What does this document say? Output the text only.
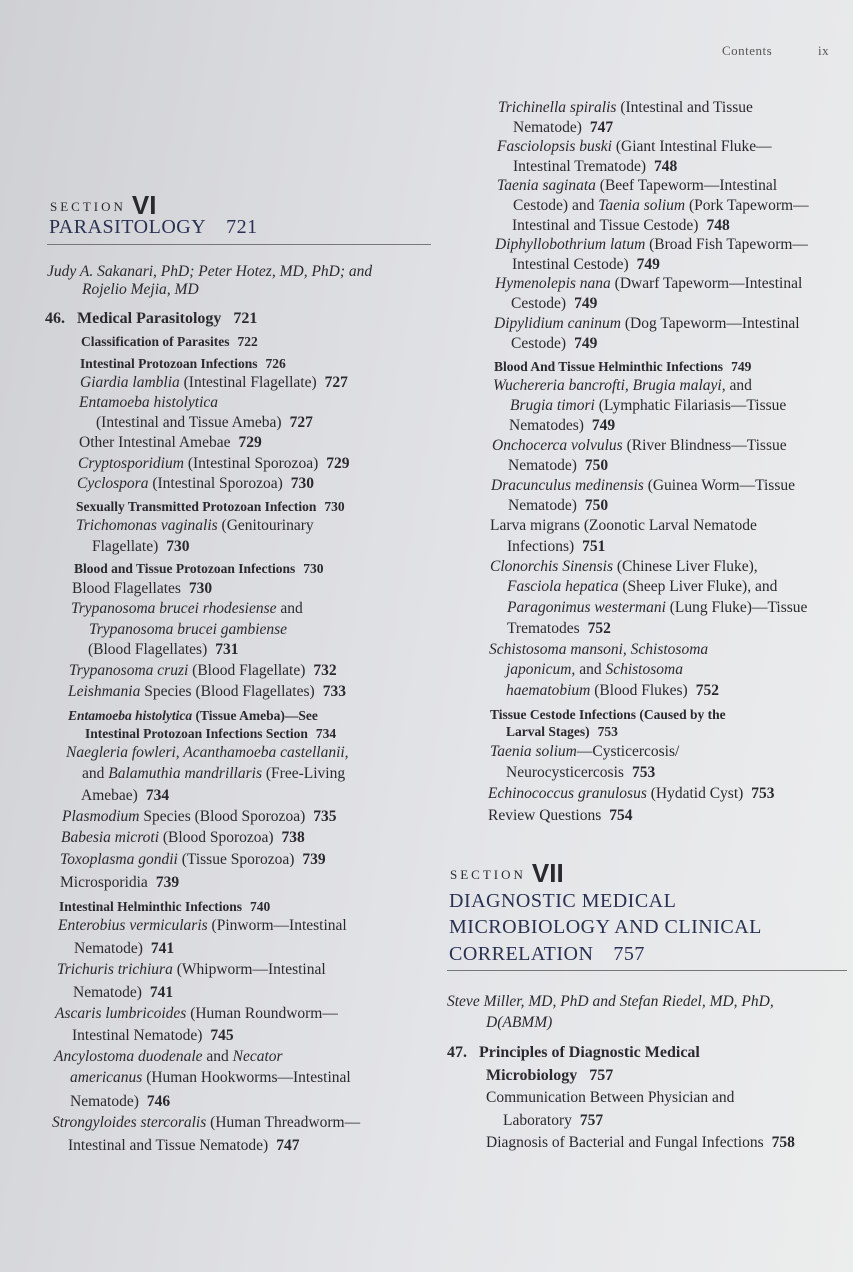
Contents	ix
SECTION VI
PARASITOLOGY 721
Judy A. Sakanari, PhD; Peter Hotez, MD, PhD; and
Rojelio Mejia, MD
46. Medical Parasitology 721
Classification of Parasites 722
Intestinal Protozoan Infections 726
Giardia lamblia (Intestinal Flagellate) 727
Entamoeba histolytica
(Intestinal and Tissue Ameba) 727
Other Intestinal Amebae 729
Cryptosporidium (Intestinal Sporozoa) 729
Cyclospora (Intestinal Sporozoa) 730
Sexually Transmitted Protozoan Infection 730
Trichomonas vaginalis (Genitourinary
Flagellate) 730
Blood and Tissue Protozoan Infections 730
Blood Flagellates 730
Trypanosoma brucei rhodesiense and
Trypanosoma brucei gambiense
(Blood Flagellates) 731
Trypanosoma cruzi (Blood Flagellate) 732
Leishmania Species (Blood Flagellates) 733
Entamoeba histolytica (Tissue Ameba)—See
Intestinal Protozoan Infections Section 734
Naegleria fowleri, Acanthamoeba castellanii,
and Balamuthia mandrillaris (Free-Living
Amebae) 734
Plasmodium Species (Blood Sporozoa) 735
Babesia microti (Blood Sporozoa) 738
Toxoplasma gondii (Tissue Sporozoa) 739
Microsporidia 739
Intestinal Helminthic Infections 740
Enterobius vermicularis (Pinworm—Intestinal
Nematode) 741
Trichuris trichiura (Whipworm—Intestinal
Nematode) 741
Ascaris lumbricoides (Human Roundworm—
Intestinal Nematode) 745
Ancylostoma duodenale and Necator
americanus (Human Hookworms—Intestinal
Nematode) 746
Strongyloides stercoralis (Human Threadworm—
Intestinal and Tissue Nematode) 747
Trichinella spiralis (Intestinal and Tissue
Nematode) 747
Fasciolopsis buski (Giant Intestinal Fluke—
Intestinal Trematode) 748
Taenia saginata (Beef Tapeworm—Intestinal
Cestode) and Taenia solium (Pork Tapeworm—
Intestinal and Tissue Cestode) 748
Diphyllobothrium latum (Broad Fish Tapeworm—
Intestinal Cestode) 749
Hymenolepis nana (Dwarf Tapeworm—Intestinal
Cestode) 749
Dipylidium caninum (Dog Tapeworm—Intestinal
Cestode) 749
Blood And Tissue Helminthic Infections 749
Wuchereria bancrofti, Brugia malayi, and
Brugia timori (Lymphatic Filariasis—Tissue
Nematodes) 749
Onchocerca volvulus (River Blindness—Tissue
Nematode) 750
Dracunculus medinensis (Guinea Worm—Tissue
Nematode) 750
Larva migrans (Zoonotic Larval Nematode
Infections) 751
Clonorchis Sinensis (Chinese Liver Fluke),
Fasciola hepatica (Sheep Liver Fluke), and
Paragonimus westermani (Lung Fluke)—Tissue
Trematodes 752
Schistosoma mansoni, Schistosoma
japonicum, and Schistosoma
haematobium (Blood Flukes) 752
Tissue Cestode Infections (Caused by the
Larval Stages) 753
Taenia solium—Cysticercosis/
Neurocysticercosis 753
Echinococcus granulosus (Hydatid Cyst) 753
Review Questions 754
SECTION VII
DIAGNOSTIC MEDICAL
MICROBIOLOGY AND CLINICAL
CORRELATION 757
Steve Miller, MD, PhD and Stefan Riedel, MD, PhD,
D(ABMM)
47. Principles of Diagnostic Medical
Microbiology 757
Communication Between Physician and
Laboratory 757
Diagnosis of Bacterial and Fungal Infections 758
